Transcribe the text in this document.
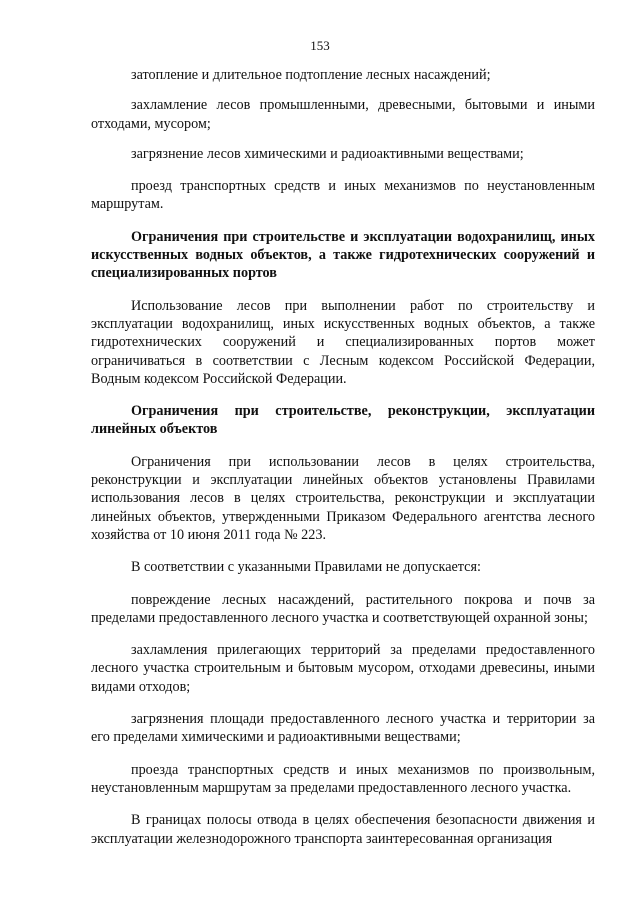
153

затопление и длительное подтопление лесных насаждений;

захламление лесов промышленными, древесными, бытовыми и иными отходами, мусором;

загрязнение лесов химическими и радиоактивными веществами;

проезд транспортных средств и иных механизмов по неустановленным маршрутам.

Ограничения при строительстве и эксплуатации водохранилищ, иных искусственных водных объектов, а также гидротехнических сооружений и специализированных портов

Использование лесов при выполнении работ по строительству и эксплуатации водохранилищ, иных искусственных водных объектов, а также гидротехнических сооружений и специализированных портов может ограничиваться в соответствии с Лесным кодексом Российской Федерации, Водным кодексом Российской Федерации.

Ограничения при строительстве, реконструкции, эксплуатации линейных объектов

Ограничения при использовании лесов в целях строительства, реконструкции и эксплуатации линейных объектов установлены Правилами использования лесов в целях строительства, реконструкции и эксплуатации линейных объектов, утвержденными Приказом Федерального агентства лесного хозяйства от 10 июня 2011 года № 223.

В соответствии с указанными Правилами не допускается:

повреждение лесных насаждений, растительного покрова и почв за пределами предоставленного лесного участка и соответствующей охранной зоны;

захламления прилегающих территорий за пределами предоставленного лесного участка строительным и бытовым мусором, отходами древесины, иными видами отходов;

загрязнения площади предоставленного лесного участка и территории за его пределами химическими и радиоактивными веществами;

проезда транспортных средств и иных механизмов по произвольным, неустановленным маршрутам за пределами предоставленного лесного участка.

В границах полосы отвода в целях обеспечения безопасности движения и эксплуатации железнодорожного транспорта заинтересованная организация
